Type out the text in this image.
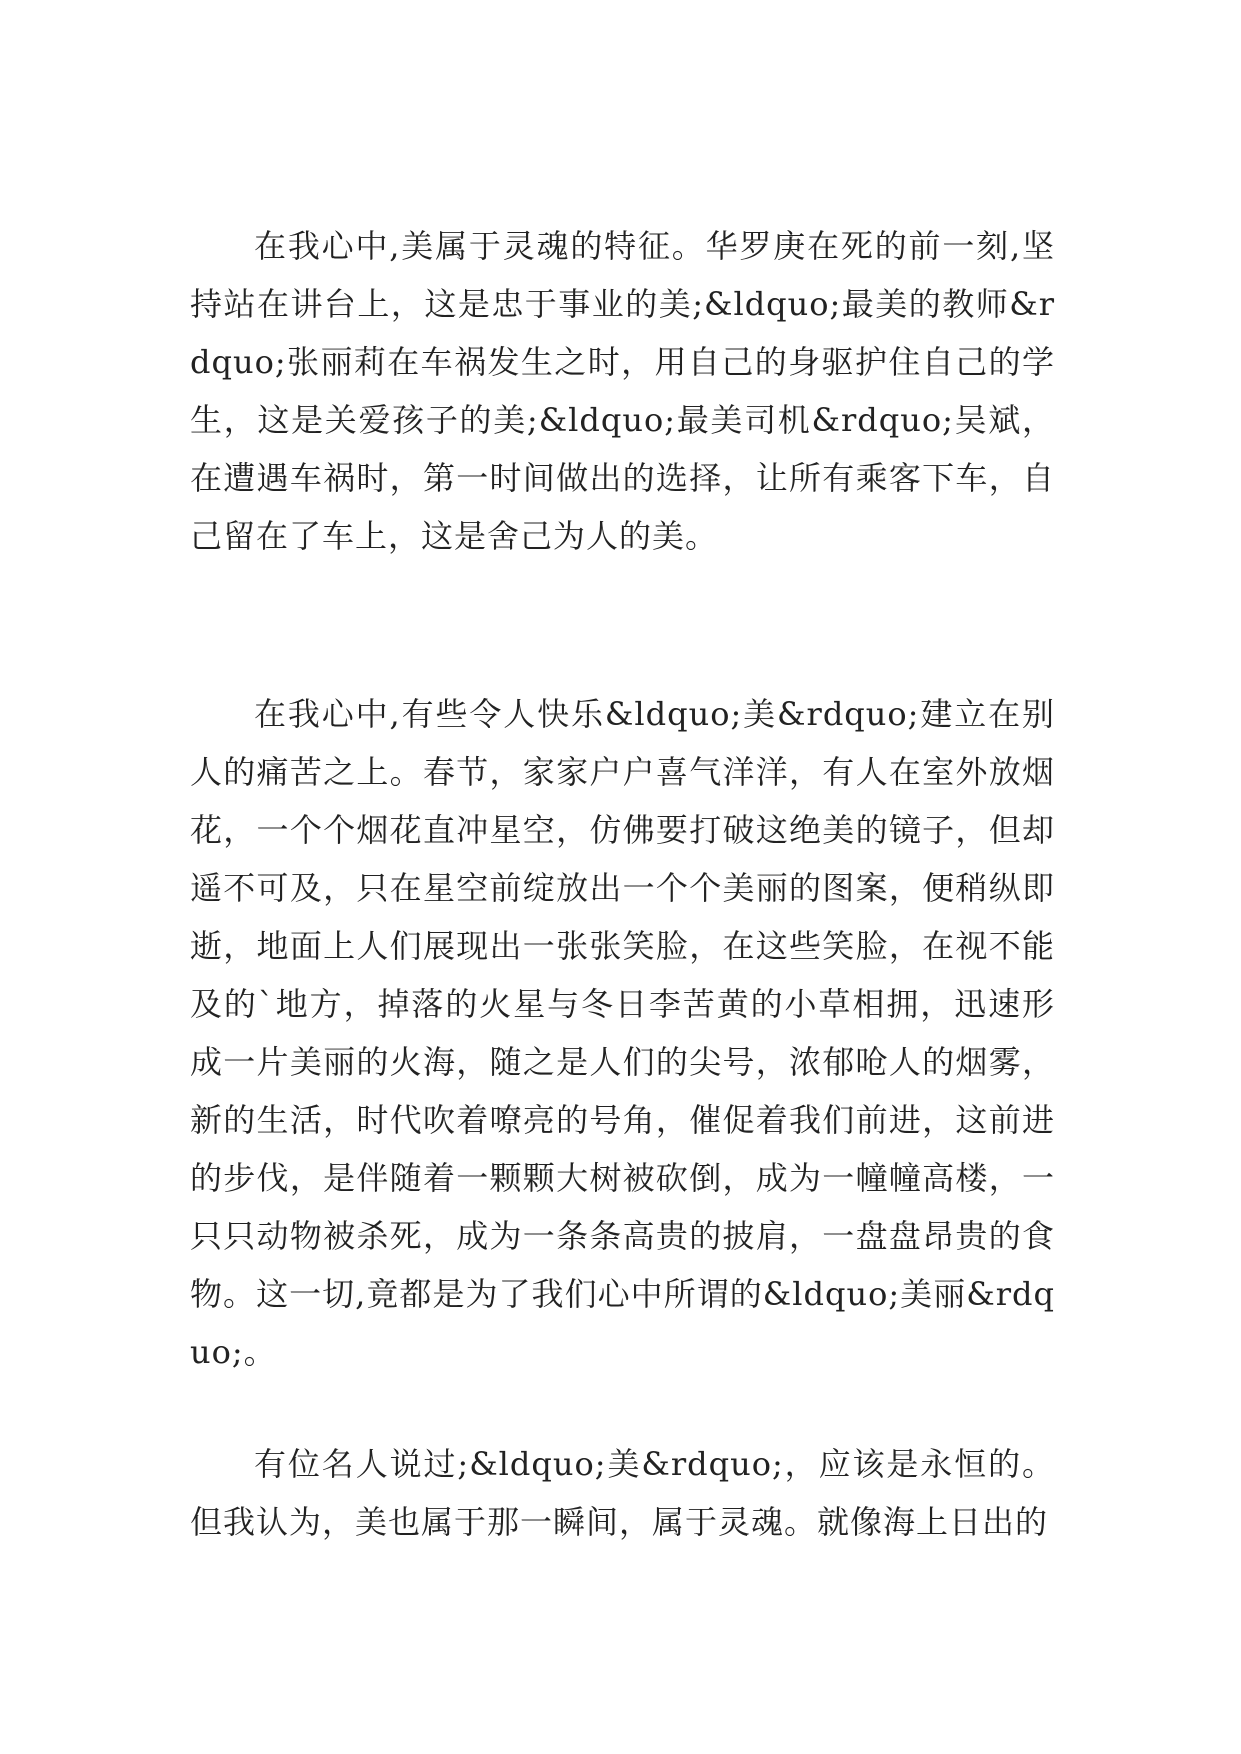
在我心中,美属于灵魂的特征。华罗庚在死的前一刻,坚持站在讲台上，这是忠于事业的美;&ldquo;最美的教师&rdquo;张丽莉在车祸发生之时，用自己的身驱护住自己的学生，这是关爱孩子的美;&ldquo;最美司机&rdquo;吴斌，在遭遇车祸时，第一时间做出的选择，让所有乘客下车，自己留在了车上，这是舍己为人的美。

在我心中,有些令人快乐&ldquo;美&rdquo;建立在别人的痛苦之上。春节，家家户户喜气洋洋，有人在室外放烟花，一个个烟花直冲星空，仿佛要打破这绝美的镜子，但却遥不可及，只在星空前绽放出一个个美丽的图案，便稍纵即逝，地面上人们展现出一张张笑脸，在这些笑脸，在视不能及的`地方，掉落的火星与冬日李苦黄的小草相拥，迅速形成一片美丽的火海，随之是人们的尖号，浓郁呛人的烟雾，新的生活，时代吹着嘹亮的号角，催促着我们前进，这前进的步伐，是伴随着一颗颗大树被砍倒，成为一幢幢高楼，一只只动物被杀死，成为一条条高贵的披肩，一盘盘昂贵的食物。这一切,竟都是为了我们心中所谓的&ldquo;美丽&rdquo;。

有位名人说过;&ldquo;美&rdquo;，应该是永恒的。但我认为，美也属于那一瞬间，属于灵魂。就像海上日出的
